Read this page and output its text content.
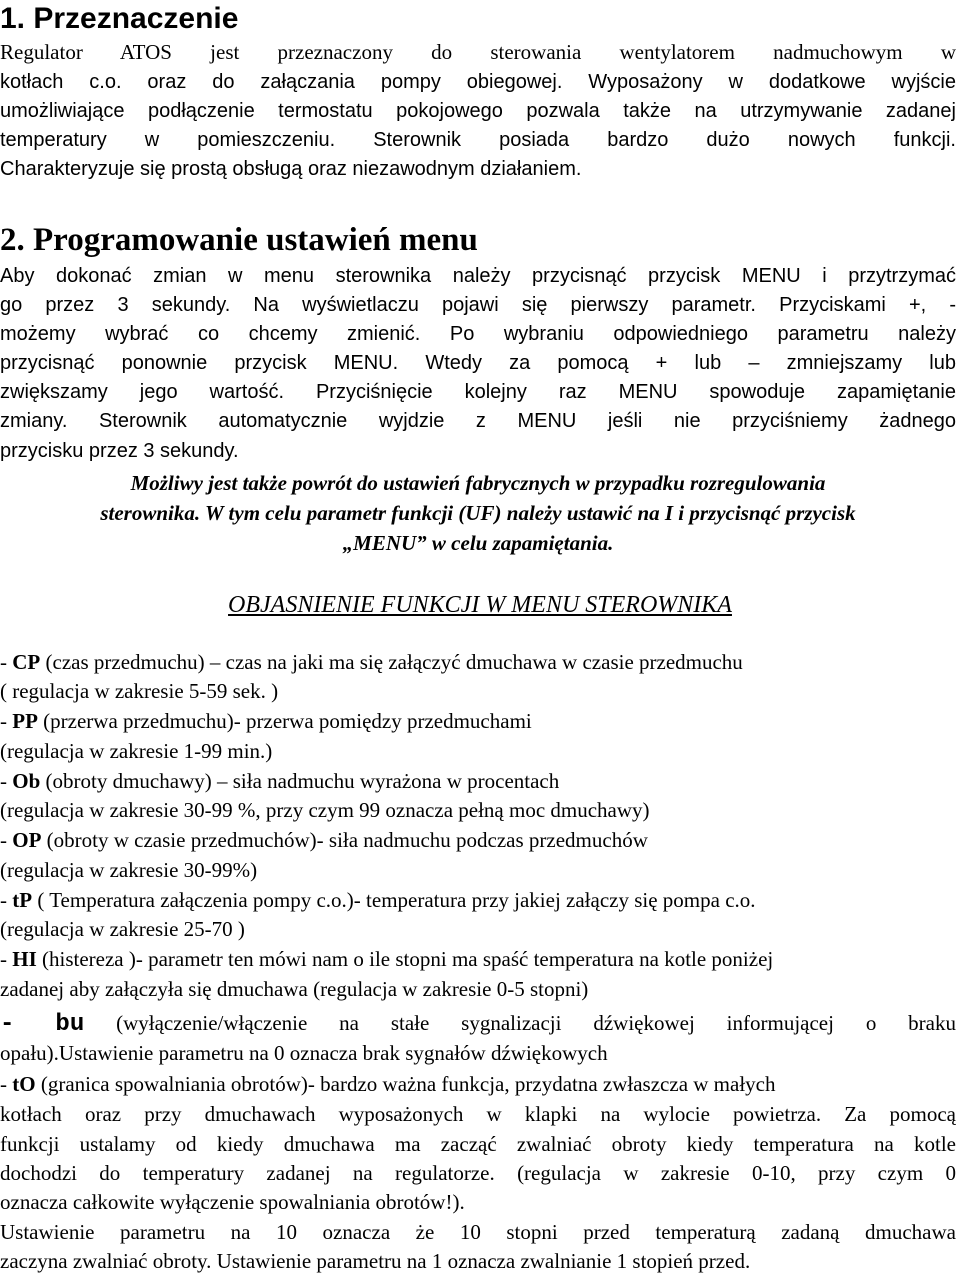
1. Przeznaczenie
Regulator ATOS jest przeznaczony do sterowania wentylatorem nadmuchowym w
kotłach c.o. oraz do załączania pompy obiegowej. Wyposażony w dodatkowe wyjście
umożliwiające podłączenie termostatu pokojowego pozwala także na utrzymywanie zadanej
temperatury w pomieszczeniu. Sterownik posiada bardzo dużo nowych funkcji.
Charakteryzuje się prostą obsługą oraz niezawodnym działaniem.
2. Programowanie ustawień menu
Aby dokonać zmian w menu sterownika należy przycisnąć przycisk MENU i przytrzymać
go przez 3 sekundy. Na wyświetlaczu pojawi się pierwszy parametr. Przyciskami +, -
możemy wybrać co chcemy zmienić. Po wybraniu odpowiedniego parametru należy
przycisnąć ponownie przycisk MENU. Wtedy za pomocą + lub – zmniejszamy lub
zwiększamy jego wartość. Przyciśnięcie kolejny raz MENU spowoduje zapamiętanie
zmiany. Sterownik automatycznie wyjdzie z MENU jeśli nie przyciśniemy żadnego
przycisku przez 3 sekundy.
Możliwy jest także powrót do ustawień fabrycznych w przypadku rozregulowania
sterownika. W tym celu parametr funkcji (UF) należy ustawić na I i przycisnąć przycisk
„MENU” w celu zapamiętania.
OBJASNIENIE FUNKCJI W MENU STEROWNIKA
- CP (czas przedmuchu) – czas na jaki ma się załączyć dmuchawa w czasie przedmuchu
( regulacja w zakresie 5-59 sek. )
- PP (przerwa przedmuchu)- przerwa pomiędzy przedmuchami
(regulacja w zakresie 1-99 min.)
- Ob (obroty dmuchawy) – siła nadmuchu wyrażona w procentach
(regulacja w zakresie 30-99 %, przy czym 99 oznacza pełną moc dmuchawy)
- OP (obroty w czasie przedmuchów)- siła nadmuchu podczas przedmuchów
(regulacja w zakresie 30-99%)
- tP ( Temperatura załączenia pompy c.o.)- temperatura przy jakiej załączy się pompa c.o.
(regulacja w zakresie 25-70 )
- HI (histereza )- parametr ten mówi nam o ile stopni ma spaść temperatura na kotle poniżej
zadanej aby załączyła się dmuchawa (regulacja w zakresie 0-5 stopni)
- bu (wyłączenie/włączenie na stałe sygnalizacji dźwiękowej informującej o braku
opału).Ustawienie parametru na 0 oznacza brak sygnałów dźwiękowych
- tO (granica spowalniania obrotów)- bardzo ważna funkcja, przydatna zwłaszcza w małych
kotłach oraz przy dmuchawach wyposażonych w klapki na wylocie powietrza. Za pomocą
funkcji ustalamy od kiedy dmuchawa ma zacząć zwalniać obroty kiedy temperatura na kotle
dochodzi do temperatury zadanej na regulatorze. (regulacja w zakresie 0-10, przy czym 0
oznacza całkowite wyłączenie spowalniania obrotów!).
Ustawienie parametru na 10 oznacza że 10 stopni przed temperaturą zadaną dmuchawa
zaczyna zwalniać obroty. Ustawienie parametru na 1 oznacza zwalnianie 1 stopień przed.
